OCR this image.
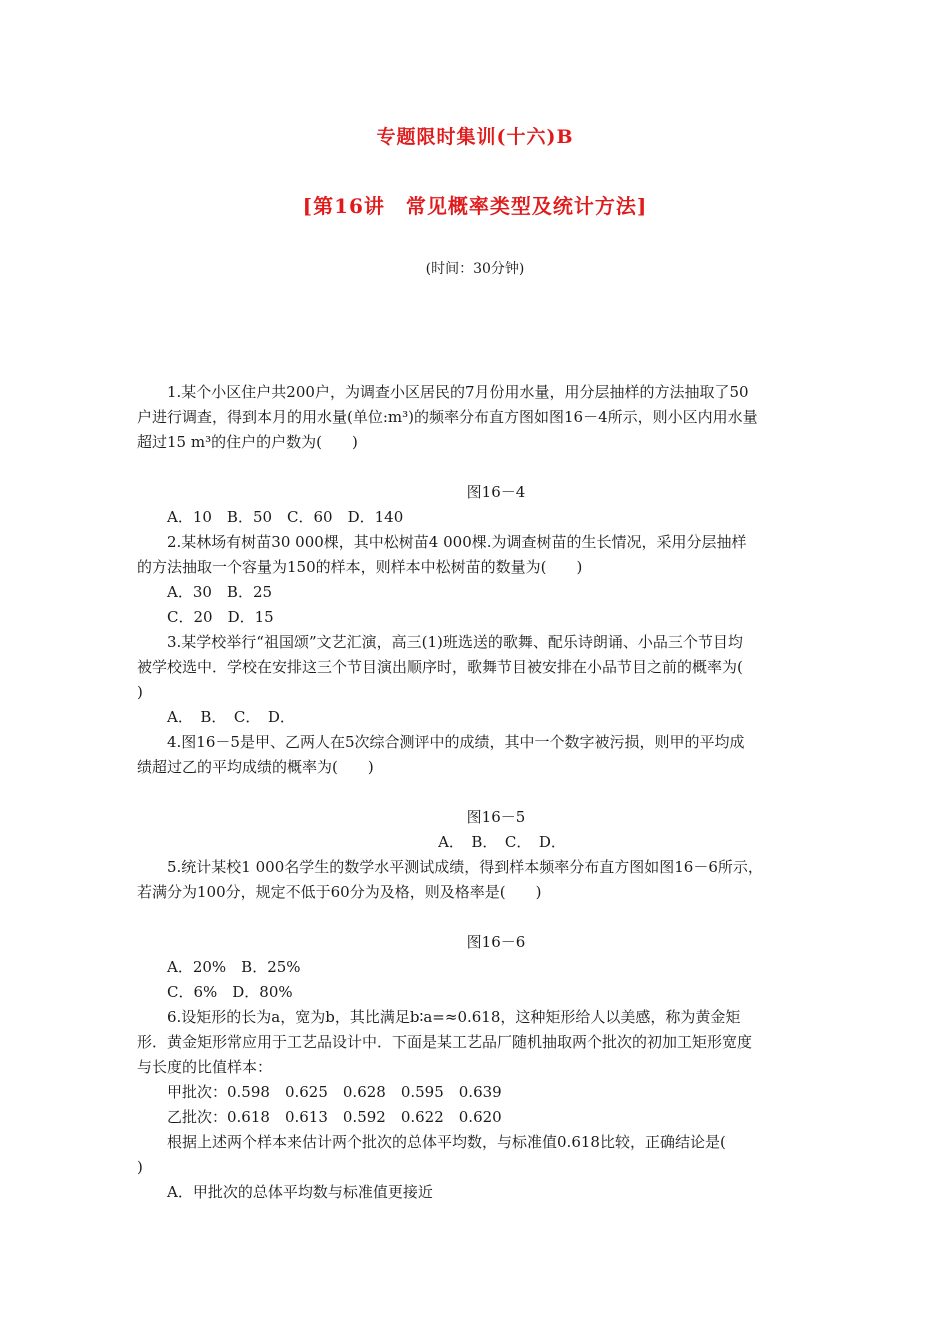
专题限时集训(十六)B
[第16讲　常见概率类型及统计方法]
(时间：30分钟)
1.某个小区住户共200户，为调查小区居民的7月份用水量，用分层抽样的方法抽取了50
户进行调查，得到本月的用水量(单位:m³)的频率分布直方图如图16－4所示，则小区内用水量
超过15 m³的住户的户数为(　　)
图16－4
A．10　B．50　C．60　D．140
2.某林场有树苗30 000棵，其中松树苗4 000棵.为调查树苗的生长情况，采用分层抽样
的方法抽取一个容量为150的样本，则样本中松树苗的数量为(　　)
A．30　B．25
C．20　D．15
3.某学校举行“祖国颂”文艺汇演，高三(1)班选送的歌舞、配乐诗朗诵、小品三个节目均
被学校选中．学校在安排这三个节目演出顺序时，歌舞节目被安排在小品节目之前的概率为(
)
A．　B．　C．　D．
4.图16－5是甲、乙两人在5次综合测评中的成绩，其中一个数字被污损，则甲的平均成
绩超过乙的平均成绩的概率为(　　)
图16－5
A．　B．　C．　D．
5.统计某校1 000名学生的数学水平测试成绩，得到样本频率分布直方图如图16－6所示，
若满分为100分，规定不低于60分为及格，则及格率是(　　)
图16－6
A．20%　B．25%
C．6%　D．80%
6.设矩形的长为a，宽为b，其比满足b∶a=≈0.618，这种矩形给人以美感，称为黄金矩
形．黄金矩形常应用于工艺品设计中．下面是某工艺品厂随机抽取两个批次的初加工矩形宽度
与长度的比值样本：
甲批次：0.598　0.625　0.628　0.595　0.639
乙批次：0.618　0.613　0.592　0.622　0.620
根据上述两个样本来估计两个批次的总体平均数，与标准值0.618比较，正确结论是(
)
A．甲批次的总体平均数与标准值更接近
